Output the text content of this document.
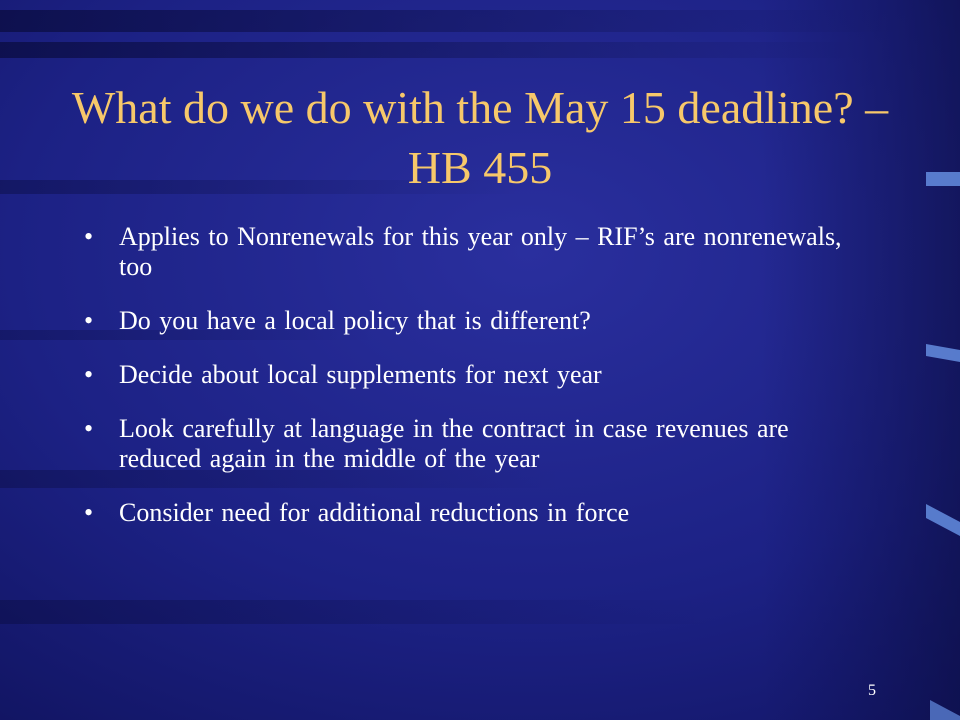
What do we do with the May 15 deadline? – HB 455
• Applies to Nonrenewals for this year only – RIF’s are nonrenewals, too
• Do you have a local policy that is different?
• Decide about local supplements for next year
• Look carefully at language in the contract in case revenues are reduced again in the middle of the year
• Consider need for additional reductions in force
5
